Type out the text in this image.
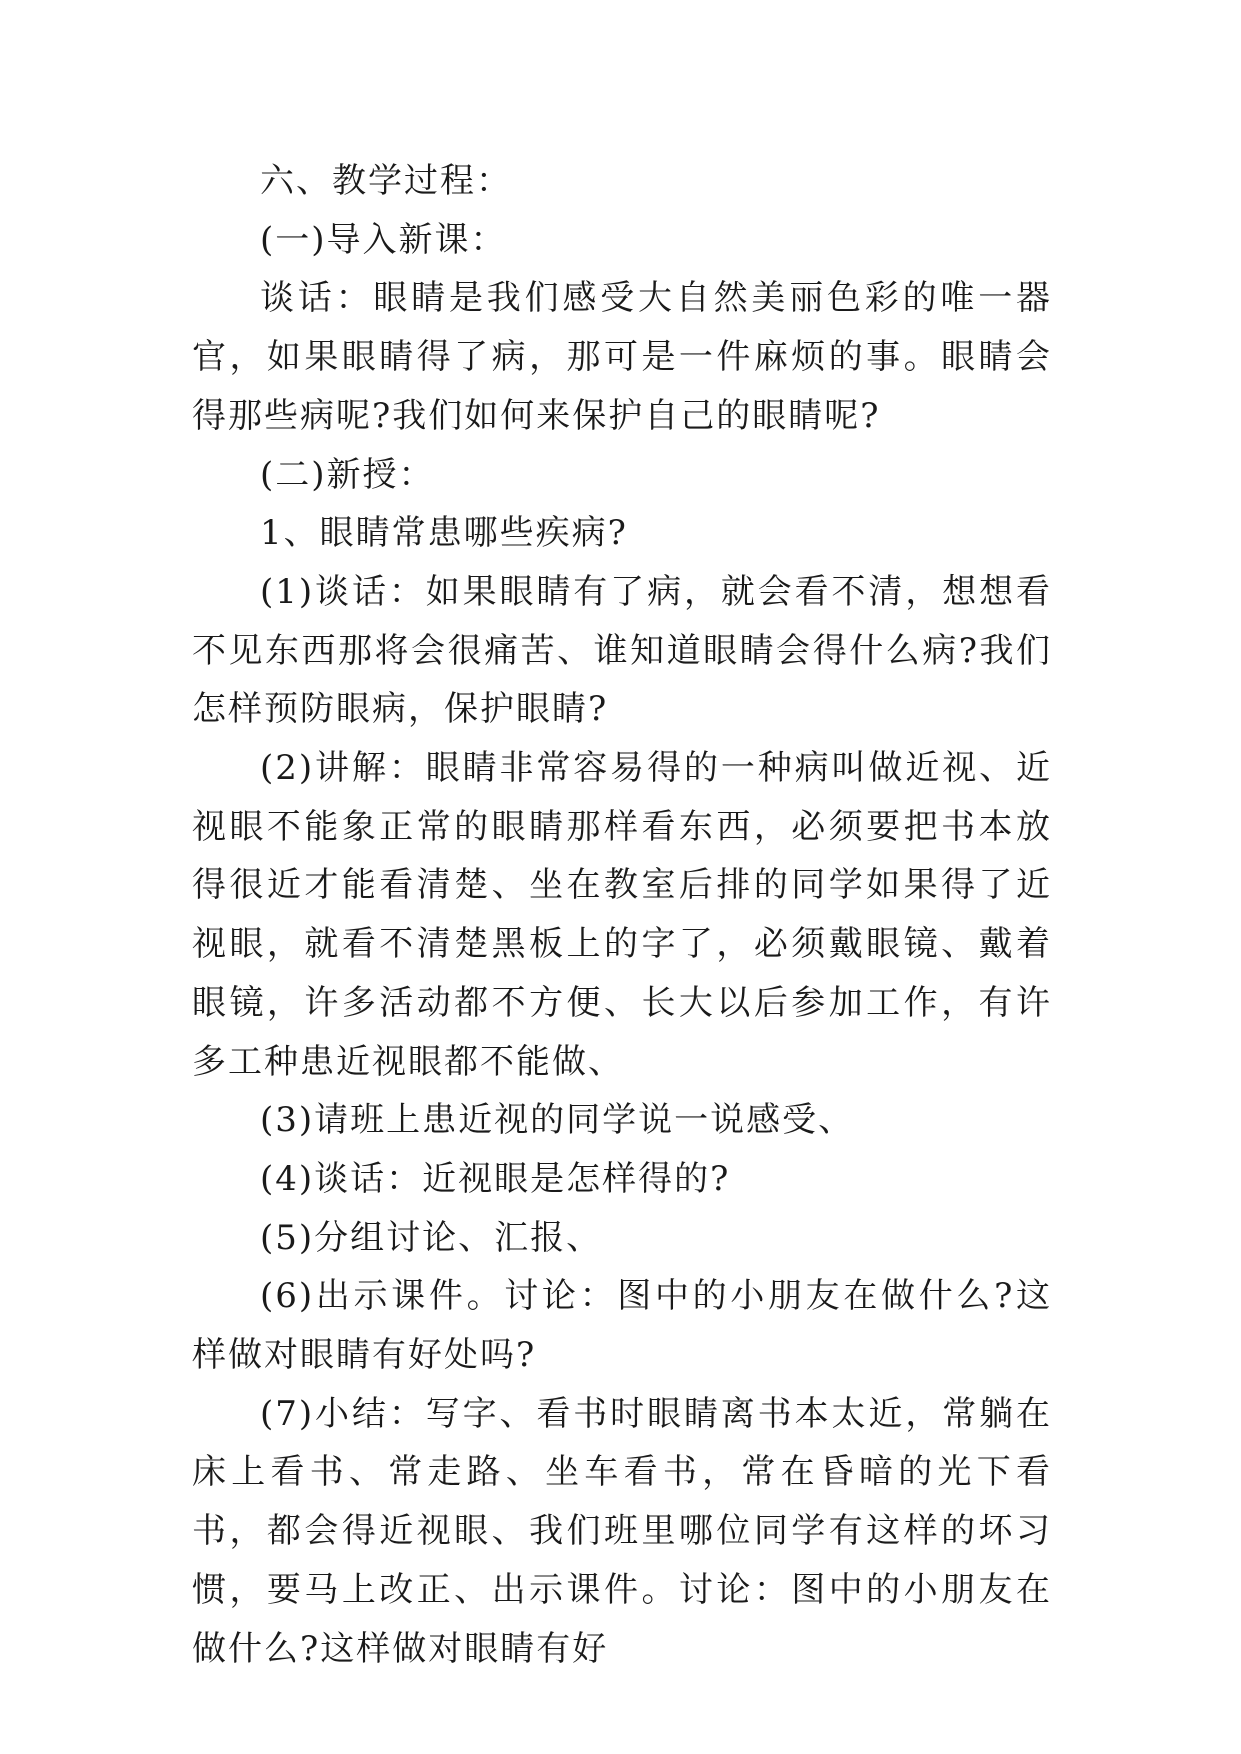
六、教学过程：

(一)导入新课：

谈话：眼睛是我们感受大自然美丽色彩的唯一器官，如果眼睛得了病，那可是一件麻烦的事。眼睛会得那些病呢?我们如何来保护自己的眼睛呢?

(二)新授：

1、眼睛常患哪些疾病?

(1)谈话：如果眼睛有了病，就会看不清，想想看不见东西那将会很痛苦、谁知道眼睛会得什么病?我们怎样预防眼病，保护眼睛?

(2)讲解：眼睛非常容易得的一种病叫做近视、近视眼不能象正常的眼睛那样看东西，必须要把书本放得很近才能看清楚、坐在教室后排的同学如果得了近视眼，就看不清楚黑板上的字了，必须戴眼镜、戴着眼镜，许多活动都不方便、长大以后参加工作，有许多工种患近视眼都不能做、

(3)请班上患近视的同学说一说感受、

(4)谈话：近视眼是怎样得的?

(5)分组讨论、汇报、

(6)出示课件。讨论：图中的小朋友在做什么?这样做对眼睛有好处吗?

(7)小结：写字、看书时眼睛离书本太近，常躺在床上看书、常走路、坐车看书，常在昏暗的光下看书，都会得近视眼、我们班里哪位同学有这样的坏习惯，要马上改正、出示课件。讨论：图中的小朋友在做什么?这样做对眼睛有好
